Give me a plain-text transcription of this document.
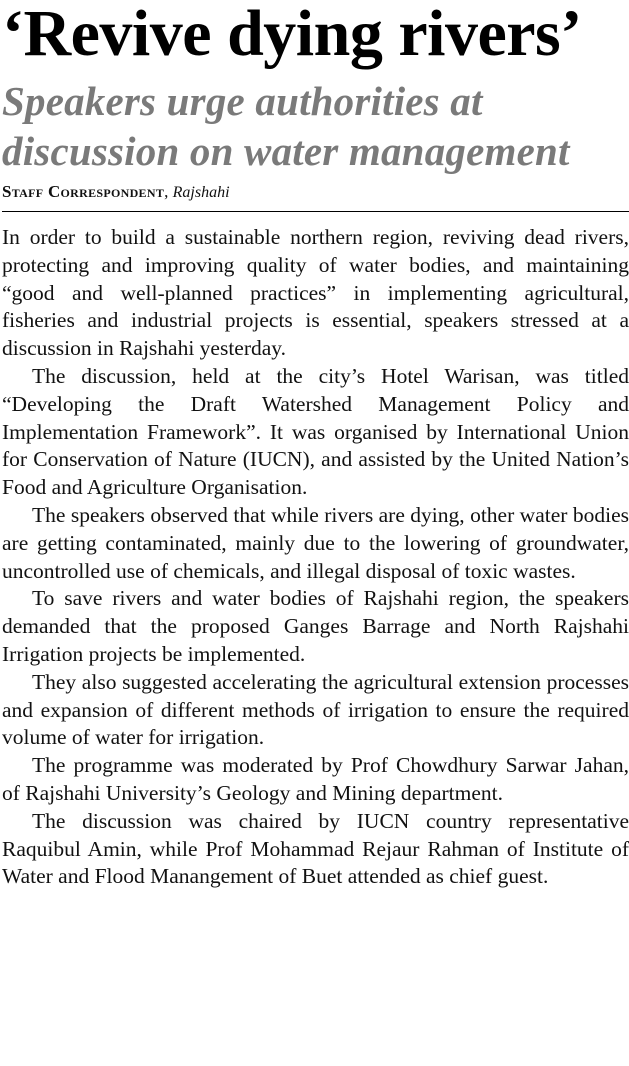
‘Revive dying rivers’
Speakers urge authorities at
discussion on water management
Staff Correspondent, Rajshahi

In order to build a sustainable northern region, reviving dead rivers, protecting and improving quality of water bodies, and maintaining “good and well-planned practices” in implementing agricultural, fisheries and industrial projects is essential, speakers stressed at a discussion in Rajshahi yesterday.

The discussion, held at the city’s Hotel Warisan, was titled “Developing the Draft Watershed Management Policy and Implementation Framework”. It was organised by International Union for Conservation of Nature (IUCN), and assisted by the United Nation’s Food and Agriculture Organisation.

The speakers observed that while rivers are dying, other water bodies are getting contaminated, mainly due to the lowering of groundwater, uncontrolled use of chemicals, and illegal disposal of toxic wastes.

To save rivers and water bodies of Rajshahi region, the speakers demanded that the proposed Ganges Barrage and North Rajshahi Irrigation projects be implemented.

They also suggested accelerating the agricultural extension processes and expansion of different methods of irrigation to ensure the required volume of water for irrigation.

The programme was moderated by Prof Chowdhury Sarwar Jahan, of Rajshahi University’s Geology and Mining department.

The discussion was chaired by IUCN country representative Raquibul Amin, while Prof Mohammad Rejaur Rahman of Institute of Water and Flood Manangement of Buet attended as chief guest.
